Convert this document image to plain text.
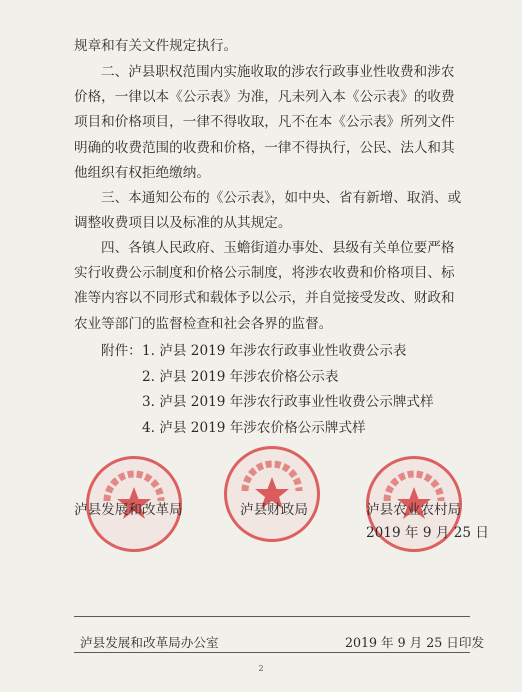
规章和有关文件规定执行。
二、泸县职权范围内实施收取的涉农行政事业性收费和涉农
价格，一律以本《公示表》为准，凡未列入本《公示表》的收费
项目和价格项目，一律不得收取，凡不在本《公示表》所列文件
明确的收费范围的收费和价格，一律不得执行，公民、法人和其
他组织有权拒绝缴纳。
三、本通知公布的《公示表》，如中央、省有新增、取消、或
调整收费项目以及标准的从其规定。
四、各镇人民政府、玉蟾街道办事处、县级有关单位要严格
实行收费公示制度和价格公示制度，将涉农收费和价格项目、标
准等内容以不同形式和载体予以公示，并自觉接受发改、财政和
农业等部门的监督检查和社会各界的监督。
附件： 1. 泸县 2019 年涉农行政事业性收费公示表
2. 泸县 2019 年涉农价格公示表
3. 泸县 2019 年涉农行政事业性收费公示牌式样
4. 泸县 2019 年涉农价格公示牌式样
泸县发展和改革局	泸县财政局	泸县农业农村局
2019 年 9 月 25 日
泸县发展和改革局办公室	2019 年 9 月 25 日印发
2
